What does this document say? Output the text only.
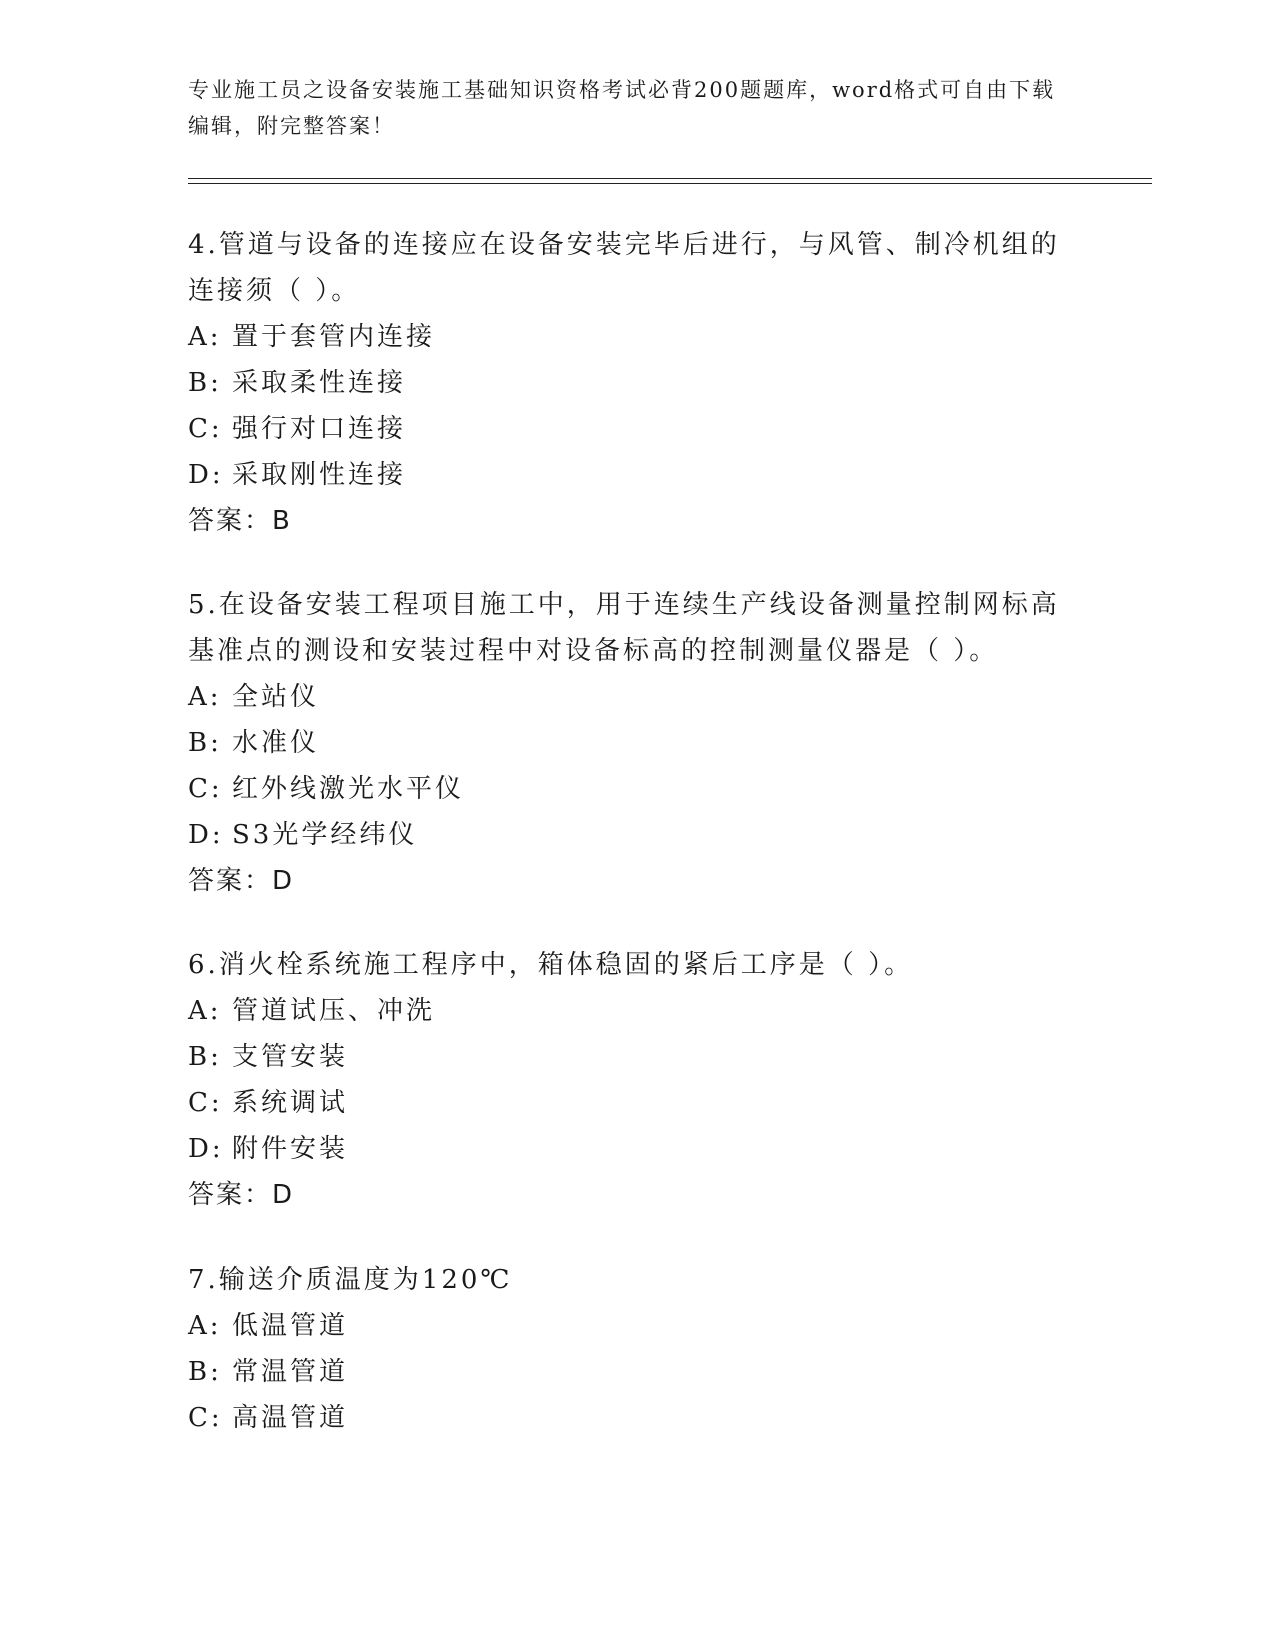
专业施工员之设备安装施工基础知识资格考试必背200题题库，word格式可自由下载编辑，附完整答案！

4.管道与设备的连接应在设备安装完毕后进行，与风管、制冷机组的连接须（ ）。

A: 置于套管内连接

B: 采取柔性连接

C: 强行对口连接

D: 采取刚性连接

答案：B

5.在设备安装工程项目施工中，用于连续生产线设备测量控制网标高基准点的测设和安装过程中对设备标高的控制测量仪器是（ ）。

A: 全站仪

B: 水准仪

C: 红外线激光水平仪

D: S3光学经纬仪

答案：D

6.消火栓系统施工程序中，箱体稳固的紧后工序是（ ）。

A: 管道试压、冲洗

B: 支管安装

C: 系统调试

D: 附件安装

答案：D

7.输送介质温度为120℃

A: 低温管道

B: 常温管道

C: 高温管道
